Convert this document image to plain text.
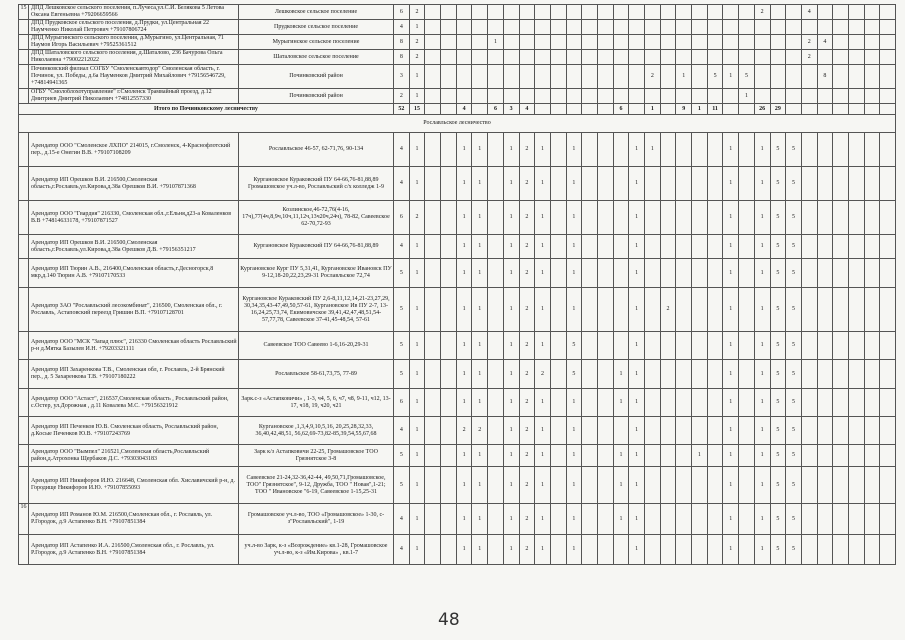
15	ДПД Лешковское сельского поселения, п.Лучеса,ул.С.И. Белякова 5 Летова Оксана Евгеньевна +79206659566	Лешковское сельское поселение	6	2																						2			4					
	ДПД Прудковское сельского поселения, д.Прудки, ул.Центральная 22 Наумченко Николай Петрович +79107806724	Прудковское сельское поселение	4	1																														
	ДПД Мурыгинского сельского поселения, д.Мурыгино, ул.Центральная, 71 Наумов Игорь Васильевич +79525361512	Мурыгинское сельское поселение	8	2					1																				2	4				
	ДПД Шаталовского сельского поселения, д.Шаталово, 236 Бачурова Ольга Николаевна +79002212022	Шаталовское сельское поселение	8	2																									2					
	Починковский филиал СОГБУ "Смоленскавтодор" Смоленская область, г. Починок, ул. Победы, д.6а Науменков Дмитрий Михайлович +79156546729, +74814941365	Починковский район	3	1															2		1		5	1	5					8				
	ОГБУ "Смолоблохотуправление" г.Смоленск Трамвайный проезд, д.12 Дмитриев Дмитрий Николаевич +74812557330	Починковский район	2	1																					1									
Итого по Починковскому лесничеству			52	15			4		6	3	4						6		1		9	1	11			26	29							
Рославльское лесничество																																		
	Арендатор ООО "Смоленское ЛХПО" 214015, г.Смоленск, 4-Краснофлотский пер., д.15-е Онегин В.В. +79107108209	Рославльское 46-57, 62-71,76, 90-134	4	1			1	1		1	2	1		1				1	1					1		1	5	5						
	Арендатор ИП Орешков В.И. 216500,Смоленская область,г.Рославль,ул.Кирова,д.38а Орешков В.И. +79107871368	Кургановское Кураковский ПУ 64-66,76-81,88,89 Громашовское уч.л-во, Рославльский с/х колледж 1-9	4	1			1	1		1	2	1		1				1						1		1	5	5						
	Арендатор ООО "Гвардия" 216330, Смоленская обл.,г.Ельня,д23-а Коваленков В.В +74814633178, +79107871527	Козлинское,46-72,76(4-16, 17ч),77(4ч,8,9ч,10ч,11,12ч,13ч20ч,24ч), 78-82, Савеевское 62-70,72-93	6	2			1	1		1	2	1		1				1						1		1	5	5						
	Арендатор ИП Орешков В.И. 216500,Смоленская область,г.Рославль,ул.Кирова,д.38а Орешков Д.В. +79156351217	Кургановское Кураковский ПУ 64-66,76-81,88,89	4	1			1	1		1	2	1		1				1						1		1	5	5						
	Арендатор ИП Тюрин А.В., 216400,Смоленская область,г.Десногорск,8 мкр,д.140 Тюрин А.В. +79107170533	Кургановское Кург ПУ 5,31,41, Кургановское Ивановск ПУ 9-12,18-20,22,23,29-31 Рославльское 72,74	5	1			1	1		1	2	1		1				1						1		1	5	5						
	Арендатор ЗАО "Рославльский лесокомбинат", 216500, Смоленская обл., г. Рославль, Астаповский переезд Гришин В.П. +79107128701	Кургановское Кураковский ПУ 2,6-8,11,12,14,21-23,27,29, 30,34,35,43-47,49,50,57-61, Кургановское Ив ПУ 2-7, 13-16,24,25,73,74, Екимовичское 39,41,42,47,48,51,54-57,77,78, Савеевское 37-41,45-48,54, 57-61	5	1			1	1		1	2	1		1				1		2				1		1	5	5						
	Арендатор ООО "МСК "Запад плюс", 216330 Смоленская область Рославльский р-н д.Мятка Базылев И.Н. +79203321111	Савеевское ТОО Савеево 1-6,16-20,29-31	5	1			1	1		1	2	1		5				1						1		1	5	5						
	Арендатор ИП Захаренкова Т.В., Смоленская обл, г. Рославль, 2-й Брянский пер., д. 5 Захаренкова Т.В. +79107180222	Рославльское 58-61,73,75, 77-89	5	1			1	1		1	2	2		5			1	1						1		1	5	5						
	Арендатор ООО "Астаст", 216537,Смоленская область , Рославльский район, с.Остер, ул.Дорожная , д.11 Ковалева М.С. +79156321912	Зарк.с-з «Астапковичи» , 1-3, ч4, 5, 6, ч7, ч8, 9-11, ч12, 13-17, ч18, 19, ч20, ч21	6	1			1	1		1	2	1		1			1	1						1		1	5	5						
	Арендатор ИП Печенков Ю.В. Смоленская область, Рославльский район, д.Косые Печенков Ю.В. +79107243769	Кургановское ,1,3,4,9,10,5,16, 20,25,28,32,33, 36,40,42,48,51, 56,62,69-73,82-85,39,54,55,67,68	4	1			2	2		1	2	1		1				1						1		1	5	5						
	Арендатор ООО "Вымпел" 216521,Смоленская область,Рославльский район,д.Атрохонка Щербаков Д.С. +79303043183	Зарк к/з Астапковичи 22-25, Громашовское ТОО Грязнятское 3-8	5	1			1	1		1	2	1		1			1	1				1		1		1	5	5						
	Арендатор ИП Никифоров И.Ю. 216648, Смоленская обл. Хиславичский р-н, д. Городище Никифоров И.Ю. +79107855093	Савеевское 21-24,32-36,42-44, 49,50,71,Громашовское, ТОО" Грязнятское", 9-12, Дружба, ТОО " Новая",1-21; ТОО " Ивановское "6-19, Савеевское 1-15,25-31	5	1			1	1		1	2	1		1			1	1						1		1	5	5						
16	Арендатор ИП Романов Ю.М. 216500,Смоленская обл., г. Рославль, ул. Р.Городок, д.9 Астапенко В.Н. +79107851384	Громашовское уч.л-во, ТОО «Громашовское» 1-30, с-з"Рославльский", 1-19	4	1			1	1		1	2	1		1			1	1						1		1	5	5						
	Арендатор ИП Астапенко И.А. 216500,Смоленская обл., г. Рославль, ул. Р.Городок, д.9 Астапенко В.Н. +79107851384	уч.л-во Зарк, к-з «Возрождение» кв.1-28, Громашовское уч.л-во, к-з «Им.Кирова» , кв.1-7	4	1			1	1		1	2	1		1				1						1		1	5	5						
48
